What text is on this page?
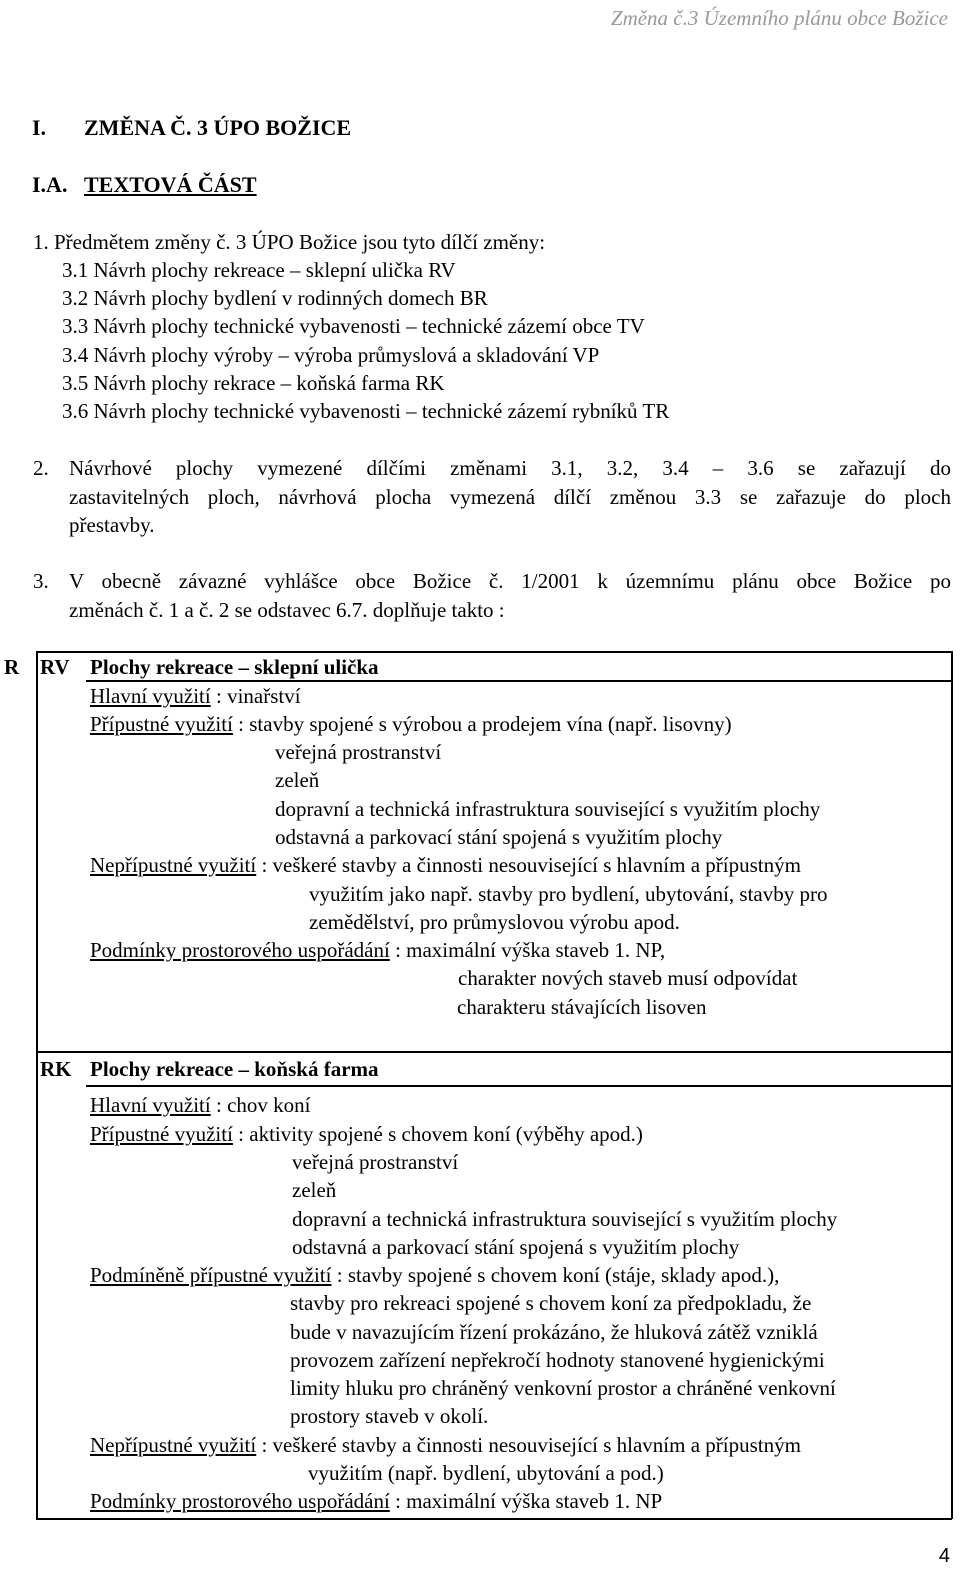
Změna č.3 Územního plánu obce Božice
I. ZMĚNA Č. 3 ÚPO BOŽICE
I.A. TEXTOVÁ ČÁST
1. Předmětem změny č. 3 ÚPO Božice jsou tyto dílčí změny:
3.1 Návrh plochy rekreace – sklepní ulička RV
3.2 Návrh plochy bydlení v rodinných domech BR
3.3 Návrh plochy technické vybavenosti – technické zázemí obce TV
3.4 Návrh plochy výroby – výroba průmyslová a skladování VP
3.5 Návrh plochy rekrace – koňská farma RK
3.6 Návrh plochy technické vybavenosti – technické zázemí rybníků TR
2. Návrhové plochy vymezené dílčími změnami 3.1, 3.2, 3.4 – 3.6 se zařazují do
zastavitelných ploch, návrhová plocha vymezená dílčí změnou 3.3 se zařazuje do ploch
přestavby.
3. V obecně závazné vyhlášce obce Božice č. 1/2001 k územnímu plánu obce Božice po
změnách č. 1 a č. 2 se odstavec 6.7. doplňuje takto :
R RV Plochy rekreace – sklepní ulička
Hlavní využití : vinařství
Přípustné využití : stavby spojené s výrobou a prodejem vína (např. lisovny)
veřejná prostranství
zeleň
dopravní a technická infrastruktura související s využitím plochy
odstavná a parkovací stání spojená s využitím plochy
Nepřípustné využití : veškeré stavby a činnosti nesouvisející s hlavním a přípustným
využitím jako např. stavby pro bydlení, ubytování, stavby pro
zemědělství, pro průmyslovou výrobu apod.
Podmínky prostorového uspořádání : maximální výška staveb 1. NP,
charakter nových staveb musí odpovídat
charakteru stávajících lisoven
RK Plochy rekreace – koňská farma
Hlavní využití : chov koní
Přípustné využití : aktivity spojené s chovem koní (výběhy apod.)
veřejná prostranství
zeleň
dopravní a technická infrastruktura související s využitím plochy
odstavná a parkovací stání spojená s využitím plochy
Podmíněně přípustné využití : stavby spojené s chovem koní (stáje, sklady apod.),
stavby pro rekreaci spojené s chovem koní za předpokladu, že
bude v navazujícím řízení prokázáno, že hluková zátěž vzniklá
provozem zařízení nepřekročí hodnoty stanovené hygienickými
limity hluku pro chráněný venkovní prostor a chráněné venkovní
prostory staveb v okolí.
Nepřípustné využití : veškeré stavby a činnosti nesouvisející s hlavním a přípustným
využitím (např. bydlení, ubytování a pod.)
Podmínky prostorového uspořádání : maximální výška staveb 1. NP
4
